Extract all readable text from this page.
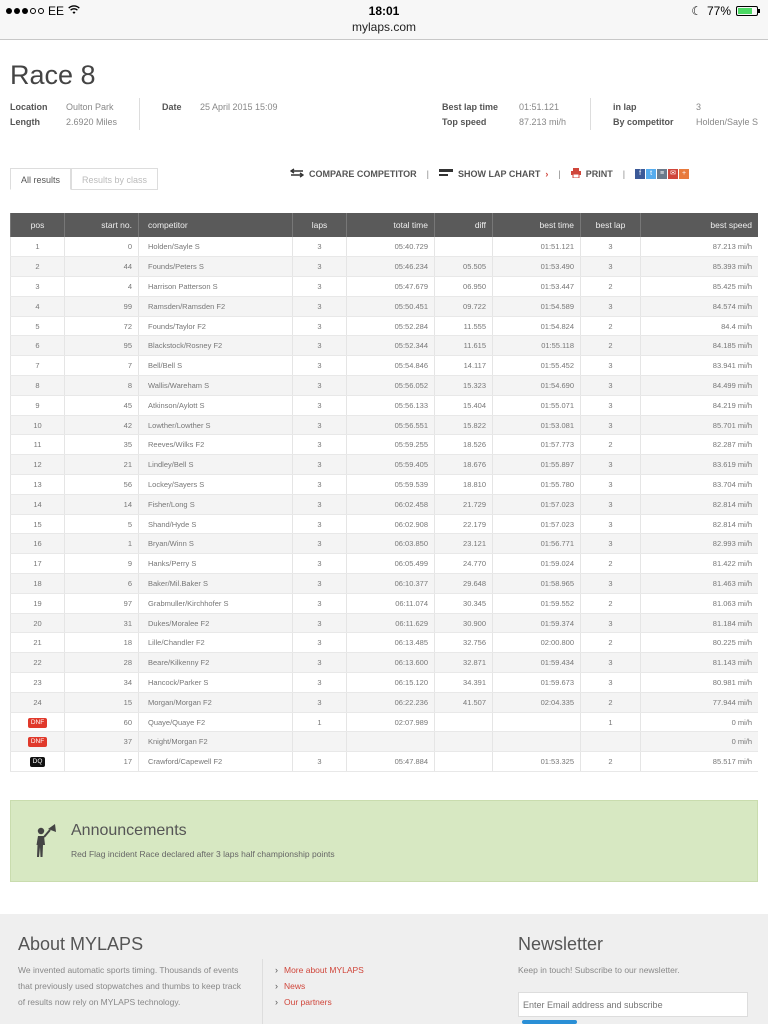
EE	18:01
mylaps.com
☾ 77%
Race 8
Location Oulton Park
Length	2.6920 Miles
Date 25 April 2015 15:09	Best lap time 01:51.121
Top speed	87.213 mi/h
in lap	3
By competitor Holden/Sayle S
All results	Results by class
COMPARE COMPETITOR |	SHOW LAP CHART › |	PRINT |	f	t	≡ ✉ +
pos	start no.	competitor	laps	total time	diff	best time	best lap	best speed
1	0	Holden/Sayle S	3	05:40.729		01:51.121	3	87.213 mi/h
2	44	Founds/Peters S	3	05:46.234	05.505	01:53.490	3	85.393 mi/h
3	4	Harrison Patterson S	3	05:47.679	06.950	01:53.447	2	85.425 mi/h
4	99	Ramsden/Ramsden F2	3	05:50.451	09.722	01:54.589	3	84.574 mi/h
5	72	Founds/Taylor F2	3	05:52.284	11.555	01:54.824	2	84.4 mi/h
6	95	Blackstock/Rosney F2	3	05:52.344	11.615	01:55.118	2	84.185 mi/h
7	7	Bell/Bell S	3	05:54.846	14.117	01:55.452	3	83.941 mi/h
8	8	Wallis/Wareham S	3	05:56.052	15.323	01:54.690	3	84.499 mi/h
9	45	Atkinson/Aylott S	3	05:56.133	15.404	01:55.071	3	84.219 mi/h
10	42	Lowther/Lowther S	3	05:56.551	15.822	01:53.081	3	85.701 mi/h
11	35	Reeves/Wilks F2	3	05:59.255	18.526	01:57.773	2	82.287 mi/h
12	21	Lindley/Bell S	3	05:59.405	18.676	01:55.897	3	83.619 mi/h
13	56	Lockey/Sayers S	3	05:59.539	18.810	01:55.780	3	83.704 mi/h
14	14	Fisher/Long S	3	06:02.458	21.729	01:57.023	3	82.814 mi/h
15	5	Shand/Hyde S	3	06:02.908	22.179	01:57.023	3	82.814 mi/h
16	1	Bryan/Winn S	3	06:03.850	23.121	01:56.771	3	82.993 mi/h
17	9	Hanks/Perry S	3	06:05.499	24.770	01:59.024	2	81.422 mi/h
18	6	Baker/Mil.Baker S	3	06:10.377	29.648	01:58.965	3	81.463 mi/h
19	97	Grabmuller/Kirchhofer S	3	06:11.074	30.345	01:59.552	2	81.063 mi/h
20	31	Dukes/Moralee F2	3	06:11.629	30.900	01:59.374	3	81.184 mi/h
21	18	Lille/Chandler F2	3	06:13.485	32.756	02:00.800	2	80.225 mi/h
22	28	Beare/Kilkenny F2	3	06:13.600	32.871	01:59.434	3	81.143 mi/h
23	34	Hancock/Parker S	3	06:15.120	34.391	01:59.673	3	80.981 mi/h
24	15	Morgan/Morgan F2	3	06:22.236	41.507	02:04.335	2	77.944 mi/h
DNF	60	Quaye/Quaye F2	1	02:07.989			1	0 mi/h
DNF	37	Knight/Morgan F2						0 mi/h
DQ	17	Crawford/Capewell F2	3	05:47.884		01:53.325	2	85.517 mi/h
Announcements
Red Flag incident Race declared after 3 laps half championship points
About MYLAPS
We invented automatic sports timing. Thousands of events that previously used stopwatches and thumbs to keep track of results now rely on MYLAPS technology.
› More about MYLAPS
› News
› Our partners
Newsletter
Keep in touch! Subscribe to our newsletter.
Enter Email address and subscribe
